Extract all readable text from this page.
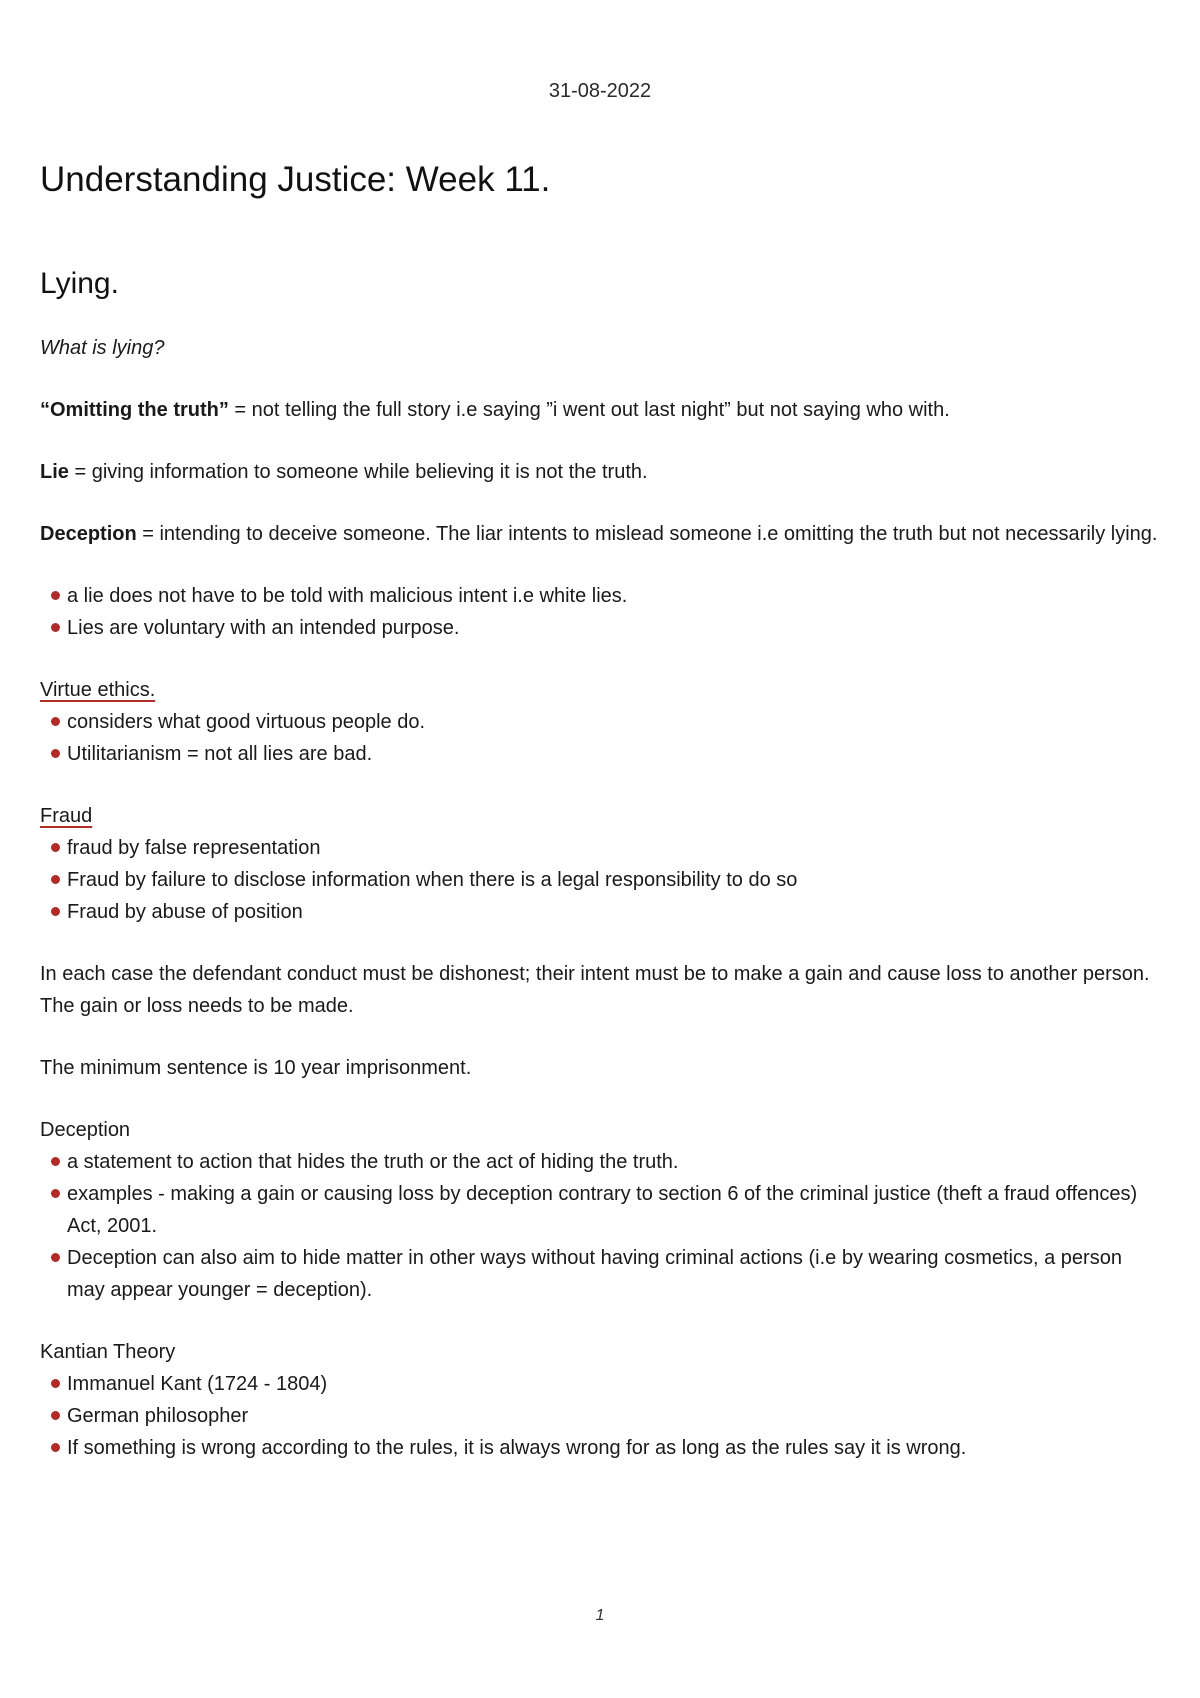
31-08-2022
Understanding Justice: Week 11.
Lying.

What is lying?

“Omitting the truth” = not telling the full story i.e saying ”i went out last night” but not saying who with.

Lie = giving information to someone while believing it is not the truth.

Deception = intending to deceive someone. The liar intents to mislead someone i.e omitting the truth but not necessarily lying.

a lie does not have to be told with malicious intent i.e white lies.
Lies are voluntary with an intended purpose.

Virtue ethics.

considers what good virtuous people do.
Utilitarianism = not all lies are bad.

Fraud

fraud by false representation
Fraud by failure to disclose information when there is a legal responsibility to do so
Fraud by abuse of position

In each case the defendant conduct must be dishonest; their intent must be to make a gain and cause loss to another person. The gain or loss needs to be made.

The minimum sentence is 10 year imprisonment.

Deception

a statement to action that hides the truth or the act of hiding the truth.
examples - making a gain or causing loss by deception contrary to section 6 of the criminal justice (theft a fraud offences) Act, 2001.
Deception can also aim to hide matter in other ways without having criminal actions (i.e by wearing cosmetics, a person may appear younger = deception).

Kantian Theory

Immanuel Kant (1724 - 1804)
German philosopher
If something is wrong according to the rules, it is always wrong for as long as the rules say it is wrong.
1
